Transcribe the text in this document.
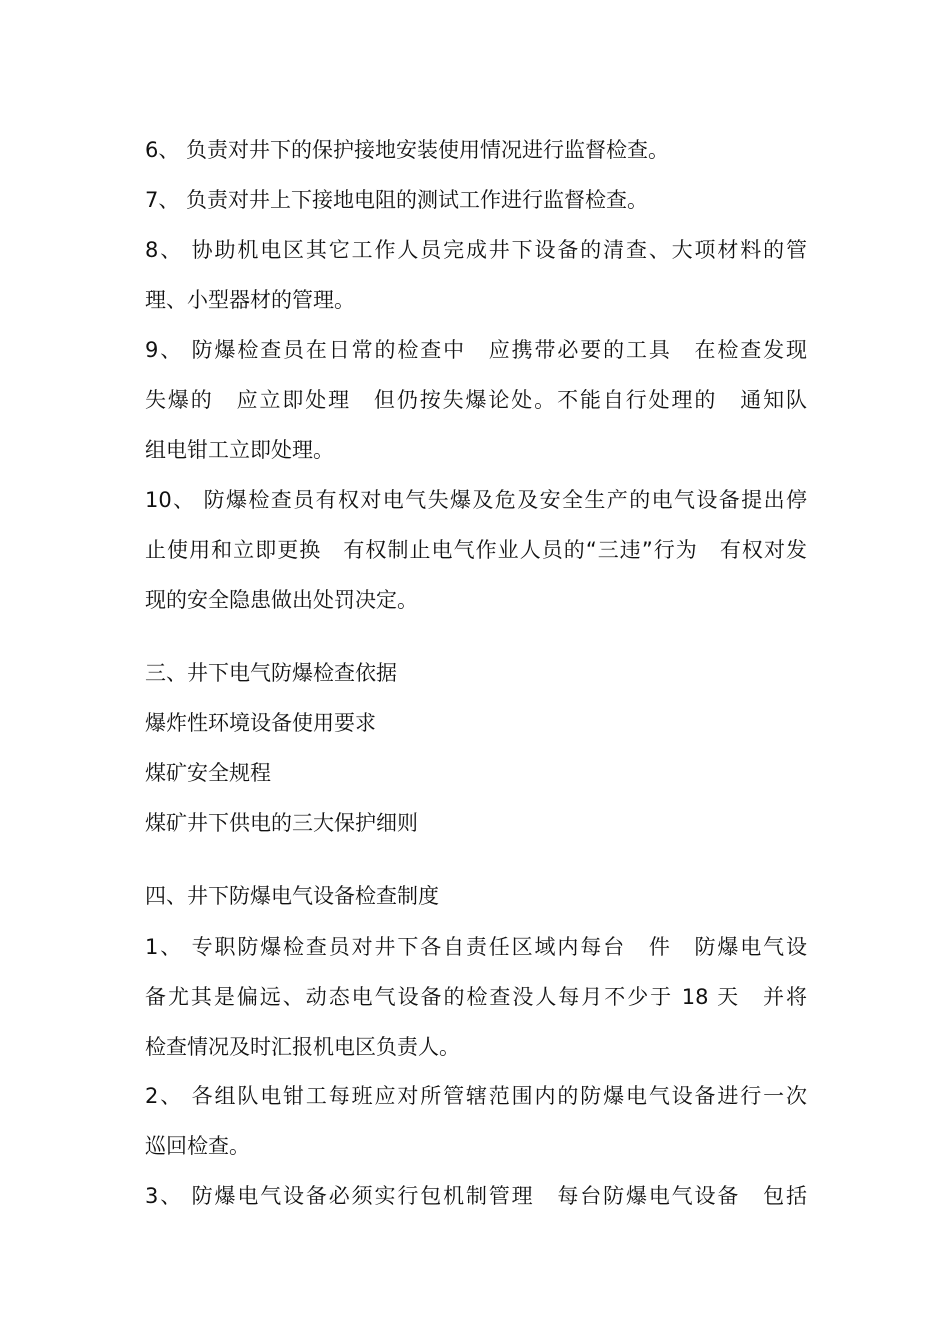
6、 负责对井下的保护接地安装使用情况进行监督检查。
7、 负责对井上下接地电阻的测试工作进行监督检查。
8、 协助机电区其它工作人员完成井下设备的清查、大项材料的管
理、小型器材的管理。
9、 防爆检查员在日常的检查中　应携带必要的工具　在检查发现
失爆的　应立即处理　但仍按失爆论处。不能自行处理的　通知队
组电钳工立即处理。
10、 防爆检查员有权对电气失爆及危及安全生产的电气设备提出停
止使用和立即更换　有权制止电气作业人员的“三违”行为　有权对发
现的安全隐患做出处罚决定。
三、井下电气防爆检查依据
爆炸性环境设备使用要求
煤矿安全规程
煤矿井下供电的三大保护细则
四、井下防爆电气设备检查制度
1、 专职防爆检查员对井下各自责任区域内每台　件　防爆电气设
备尤其是偏远、动态电气设备的检查没人每月不少于 18 天　并将
检查情况及时汇报机电区负责人。
2、 各组队电钳工每班应对所管辖范围内的防爆电气设备进行一次
巡回检查。
3、 防爆电气设备必须实行包机制管理　每台防爆电气设备　包括
